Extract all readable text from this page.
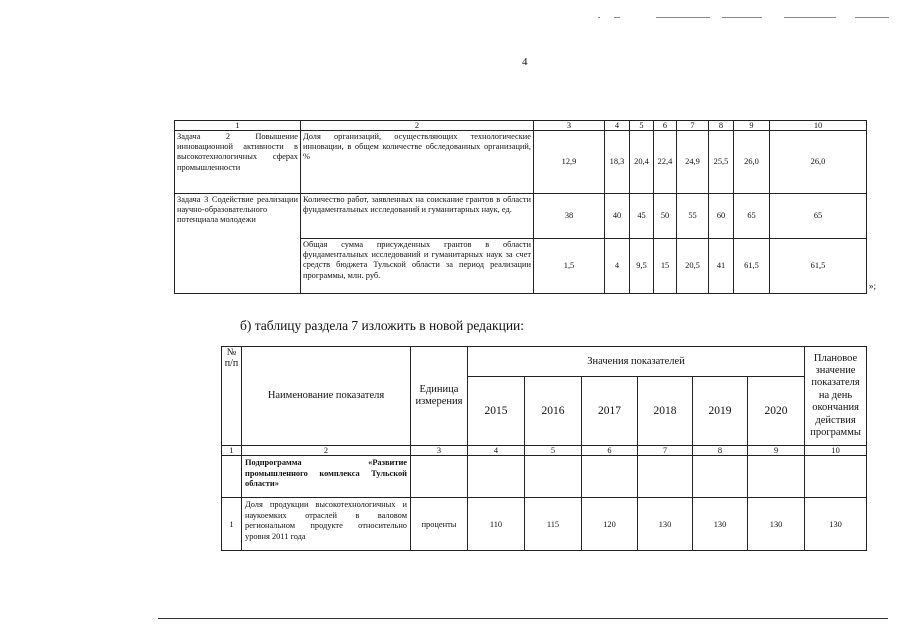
4
1	2	3	4	5	6	7	8	9	10
Задача 2 Повышение инновационной активности в высокотехнологичных сферах промышленности	Доля организаций, осуществляющих технологические инновации, в общем количестве обследованных организаций, %	12,9	18,3	20,4	22,4	24,9	25,5	26,0	26,0
Задача 3 Содействие реализации научно-образовательного потенциала молодежи	Количество работ, заявленных на соискание грантов в области фундаментальных исследований и гуманитарных наук, ед.	38	40	45	50	55	60	65	65
	Общая сумма присужденных грантов в области фундаментальных исследований и гуманитарных наук за счет средств бюджета Тульской области за период реализации программы, млн. руб.	1,5	4	9,5	15	20,5	41	61,5	61,5
»;
б) таблицу раздела 7 изложить в новой редакции:
№ п/п	Наименование показателя	Единица измерения	Значения показателей						Плановое значение показателя на день окончания действия программы
			2015	2016	2017	2018	2019	2020	
1	2	3	4	5	6	7	8	9	10
	Подпрограмма «Развитие промышленного комплекса Тульской области»								
1	Доля продукции высокотехнологичных и наукоемких отраслей в валовом региональном продукте относительно уровня 2011 года	проценты	110	115	120	130	130	130	130
